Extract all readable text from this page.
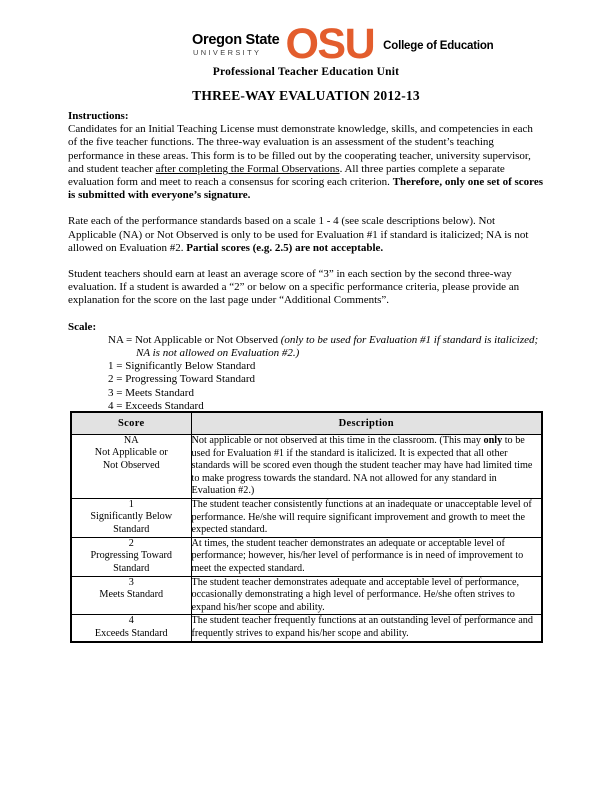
Oregon State
UNIVERSITY OSU College of Education
Professional Teacher Education Unit
THREE-WAY EVALUATION 2012-13
Instructions:

Candidates for an Initial Teaching License must demonstrate knowledge, skills, and competencies in each of the five teacher functions. The three-way evaluation is an assessment of the student’s teaching performance in these areas. This form is to be filled out by the cooperating teacher, university supervisor, and student teacher after completing the Formal Observations. All three parties complete a separate evaluation form and meet to reach a consensus for scoring each criterion. Therefore, only one set of scores is submitted with everyone’s signature.

Rate each of the performance standards based on a scale 1 - 4 (see scale descriptions below). Not Applicable (NA) or Not Observed is only to be used for Evaluation #1 if standard is italicized; NA is not allowed on Evaluation #2. Partial scores (e.g. 2.5) are not acceptable.

Student teachers should earn at least an average score of “3” in each section by the second three-way evaluation. If a student is awarded a “2” or below on a specific performance criteria, please provide an explanation for the score on the last page under “Additional Comments”.

Scale:
NA = Not Applicable or Not Observed (only to be used for Evaluation #1 if standard is italicized;
NA is not allowed on Evaluation #2.)
1 = Significantly Below Standard
2 = Progressing Toward Standard
3 = Meets Standard
4 = Exceeds Standard
Score	Description

NA
Not Applicable or
Not Observed
	Not applicable or not observed at this time in the classroom. (This may only to be used for Evaluation #1 if the standard is italicized. It is expected that all other standards will be scored even though the student teacher may have had limited time to make progress towards the standard. NA not allowed for any standard in Evaluation #2.)

1
Significantly Below
Standard	The student teacher consistently functions at an inadequate or unacceptable level of performance. He/she will require significant improvement and growth to meet the expected standard.

2
Progressing Toward
Standard	At times, the student teacher demonstrates an adequate or acceptable level of performance; however, his/her level of performance is in need of improvement to meet the expected standard.

3
Meets Standard	The student teacher demonstrates adequate and acceptable level of performance, occasionally demonstrating a high level of performance. He/she often strives to expand his/her scope and ability.

4
Exceeds Standard	The student teacher frequently functions at an outstanding level of performance and frequently strives to expand his/her scope and ability.
